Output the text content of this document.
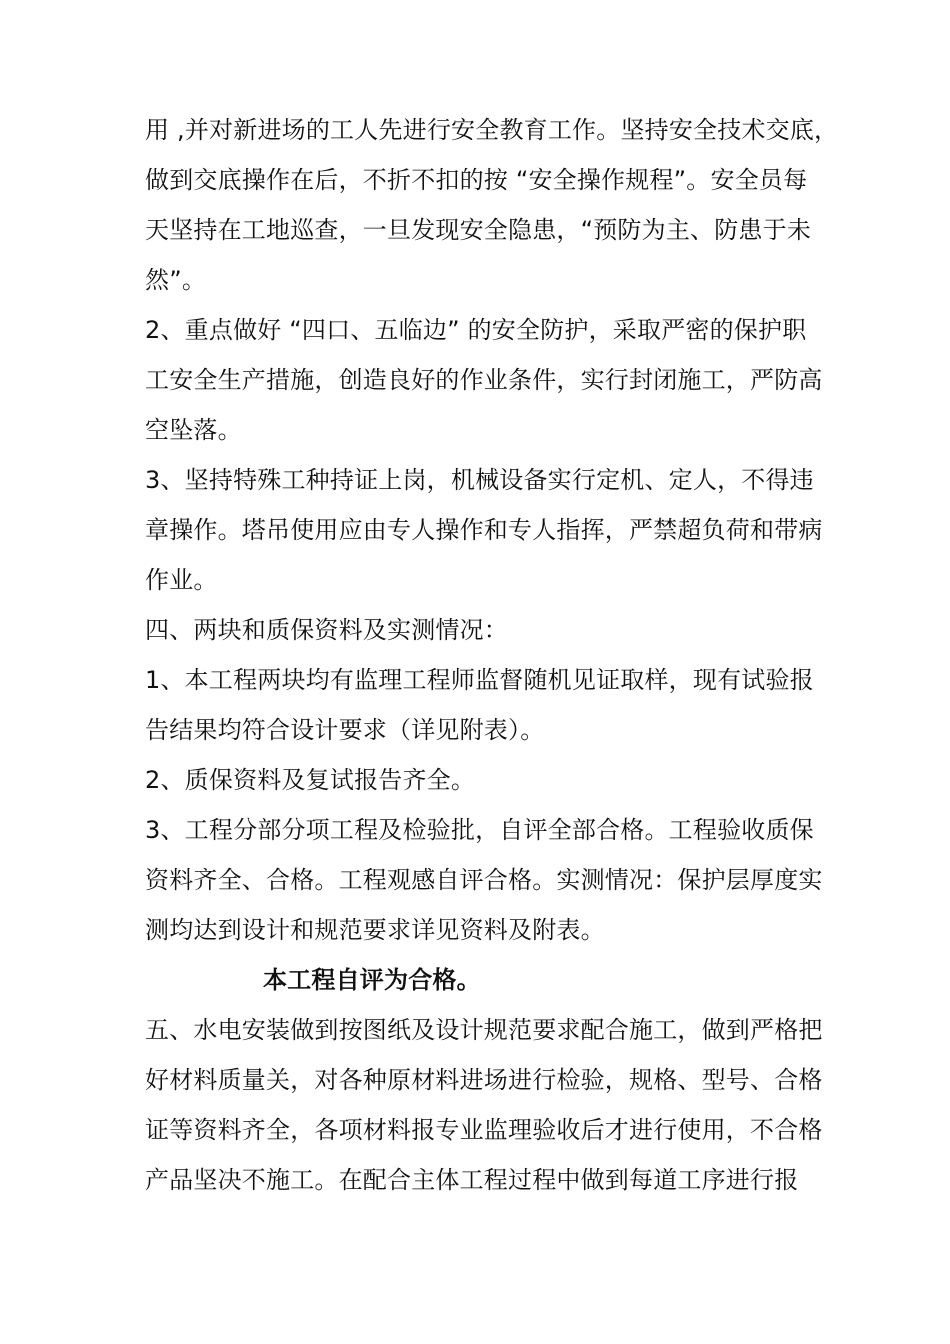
用 ,并对新进场的工人先进行安全教育工作。坚持安全技术交底，
做到交底操作在后，不折不扣的按 “安全操作规程”。安全员每
天坚持在工地巡查，一旦发现安全隐患，“预防为主、防患于未
然”。
2、重点做好 “四口、五临边” 的安全防护，采取严密的保护职
工安全生产措施，创造良好的作业条件，实行封闭施工，严防高
空坠落。
3、坚持特殊工种持证上岗，机械设备实行定机、定人，不得违
章操作。塔吊使用应由专人操作和专人指挥，严禁超负荷和带病
作业。
四、两块和质保资料及实测情况：
1、本工程两块均有监理工程师监督随机见证取样，现有试验报
告结果均符合设计要求（详见附表）。
2、质保资料及复试报告齐全。
3、工程分部分项工程及检验批，自评全部合格。工程验收质保
资料齐全、合格。工程观感自评合格。实测情况：保护层厚度实
测均达到设计和规范要求详见资料及附表。
本工程自评为合格。
五、水电安装做到按图纸及设计规范要求配合施工，做到严格把
好材料质量关，对各种原材料进场进行检验，规格、型号、合格
证等资料齐全，各项材料报专业监理验收后才进行使用，不合格
产品坚决不施工。在配合主体工程过程中做到每道工序进行报
